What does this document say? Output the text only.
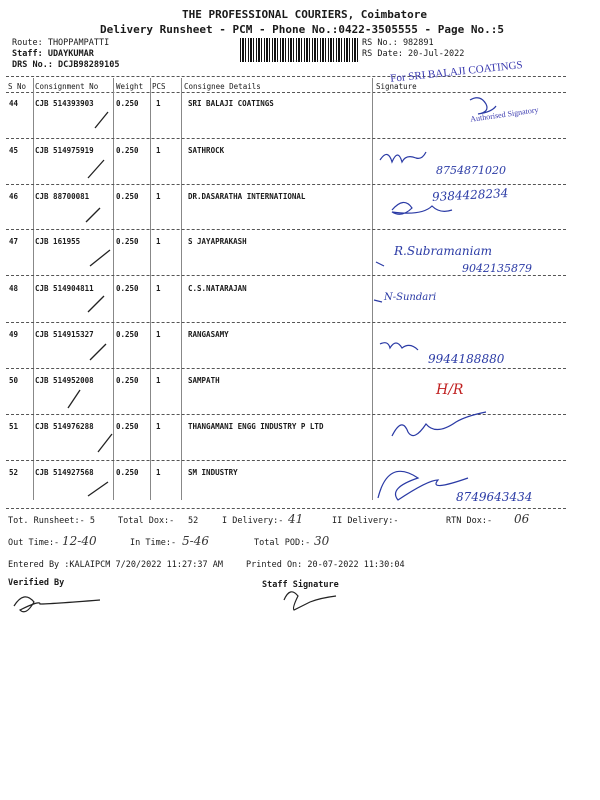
THE PROFESSIONAL COURIERS, Coimbatore
Delivery Runsheet - PCM - Phone No.:0422-3505555 - Page No.:5
Route: THOPPAMPATTI
Staff: UDAYKUMAR
DRS No.: DCJB98289105
RS No.: 982891
RS Date: 20-Jul-2022
S No Consignment No Weight PCS Consignee Details	Signature
44 CJB 514393903	0.250 1	SRI BALAJI COATINGS
45 CJB 514975919	0.250 1	SATHROCK
46 CJB 88700081	0.250 1	DR.DASARATHA INTERNATIONAL
47 CJB 161955	0.250 1	S JAYAPRAKASH
48 CJB 514904811	0.250 1	C.S.NATARAJAN
49 CJB 514915327	0.250 1	RANGASAMY
50 CJB 514952008	0.250 1	SAMPATH
51 CJB 514976288	0.250 1	THANGAMANI ENGG INDUSTRY P LTD
52 CJB 514927568	0.250 1	SM INDUSTRY
For SRI BALAJI COATINGS
Authorised Signatory
8754871020
9384428234
R.Subramaniam
9042135879
N-Sundari
9944188880
H/R
8749643434
Tot. Runsheet:- 5	Total Dox:- 52	I Delivery:- 41	II Delivery:-	RTN Dox:- 06
Out Time:- 12-40	In Time:- 5-46	Total POD:- 30
Entered By :KALAIPCM 7/20/2022 11:27:37 AM	Printed On: 20-07-2022 11:30:04
Verified By	Staff Signature
